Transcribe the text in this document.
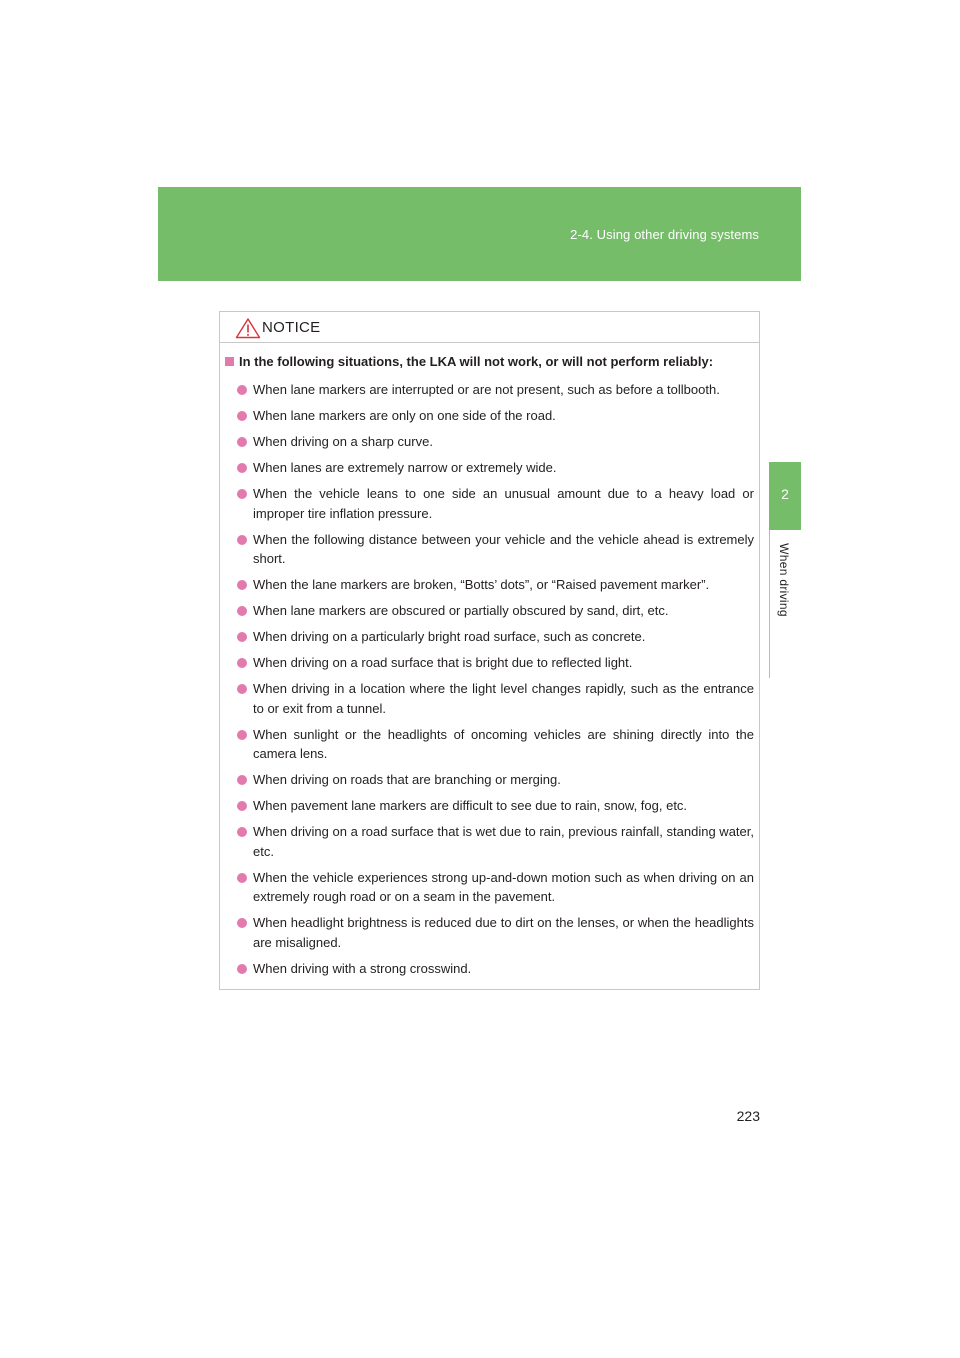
2-4. Using other driving systems
2
When driving
NOTICE
In the following situations, the LKA will not work, or will not perform reliably:
When lane markers are interrupted or are not present, such as before a tollbooth.
When lane markers are only on one side of the road.
When driving on a sharp curve.
When lanes are extremely narrow or extremely wide.
When the vehicle leans to one side an unusual amount due to a heavy load or improper tire inflation pressure.
When the following distance between your vehicle and the vehicle ahead is extremely short.
When the lane markers are broken, “Botts’ dots”, or “Raised pavement marker”.
When lane markers are obscured or partially obscured by sand, dirt, etc.
When driving on a particularly bright road surface, such as concrete.
When driving on a road surface that is bright due to reflected light.
When driving in a location where the light level changes rapidly, such as the entrance to or exit from a tunnel.
When sunlight or the headlights of oncoming vehicles are shining directly into the camera lens.
When driving on roads that are branching or merging.
When pavement lane markers are difficult to see due to rain, snow, fog, etc.
When driving on a road surface that is wet due to rain, previous rainfall, standing water, etc.
When the vehicle experiences strong up-and-down motion such as when driving on an extremely rough road or on a seam in the pavement.
When headlight brightness is reduced due to dirt on the lenses, or when the headlights are misaligned.
When driving with a strong crosswind.
223
